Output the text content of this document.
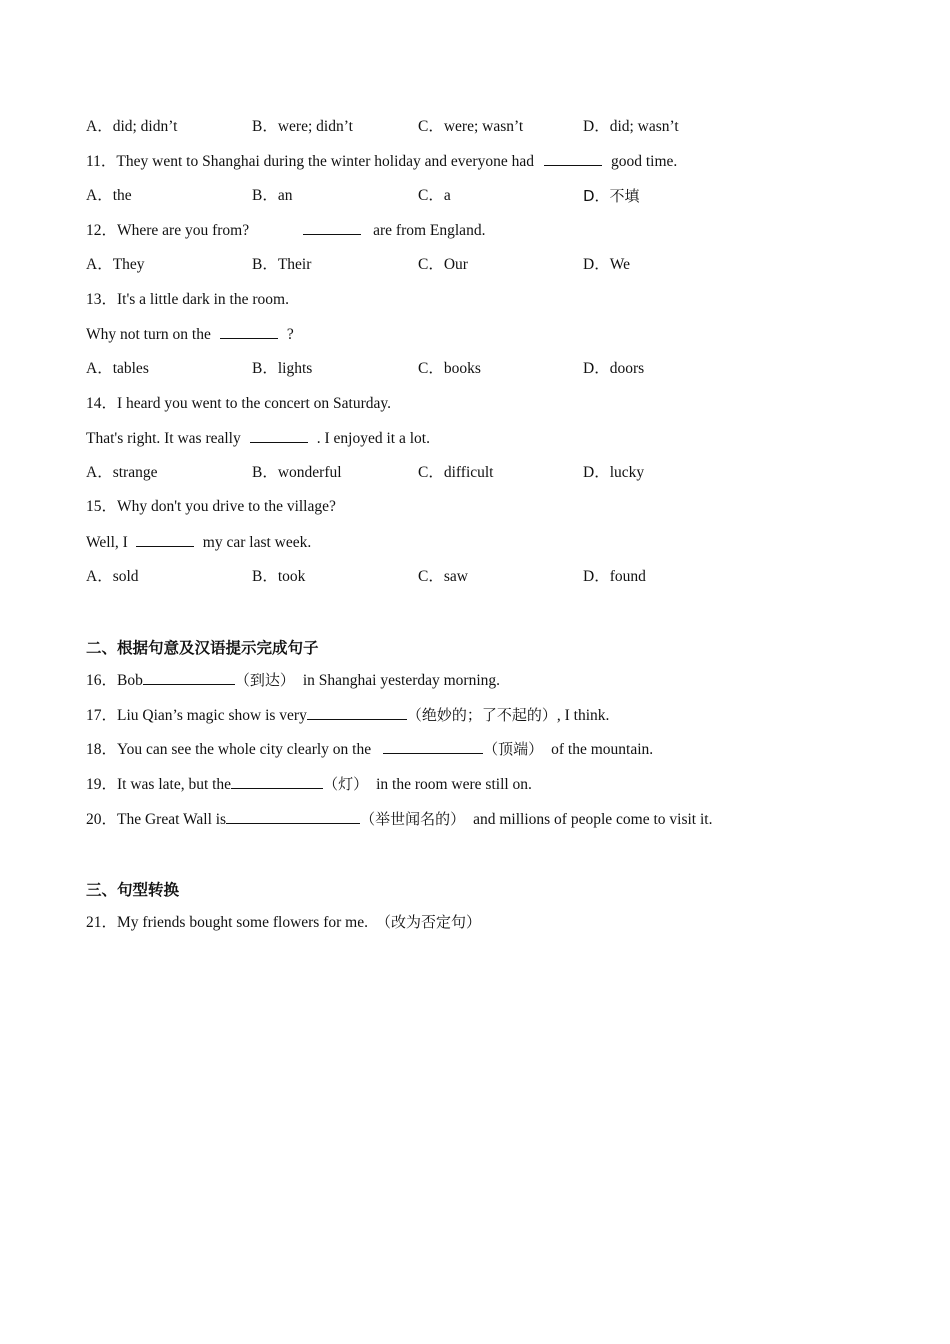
A．did; didn’t	B．were; didn’t	C．were; wasn’t	D．did; wasn’t
11．They went to Shanghai during the winter holiday and everyone had	good time.
A．the	B．an	C．a	D．不填
12．Where are you from?	are from England.
A．They	B．Their	C．Our	D．We
13．It's a little dark in the room.
Why not turn on the	?
A．tables	B．lights	C．books	D．doors
14．I heard you went to the concert on Saturday.
That's right. It was really	. I enjoyed it a lot.
A．strange	B．wonderful	C．difficult	D．lucky
15．Why don't you drive to the village?
Well, I	my car last week.
A．sold	B．took	C．saw	D．found
二、根据句意及汉语提示完成句子
16．Bob	（到达） in Shanghai yesterday morning.
17．Liu Qian’s magic show is very	（绝妙的；了不起的）, I think.
18．You can see the whole city clearly on the	（顶端） of the mountain.
19．It was late, but the	（灯） in the room were still on.
20．The Great Wall is	（举世闻名的） and millions of people come to visit it.
三、句型转换
21．My friends bought some flowers for me. （改为否定句）
